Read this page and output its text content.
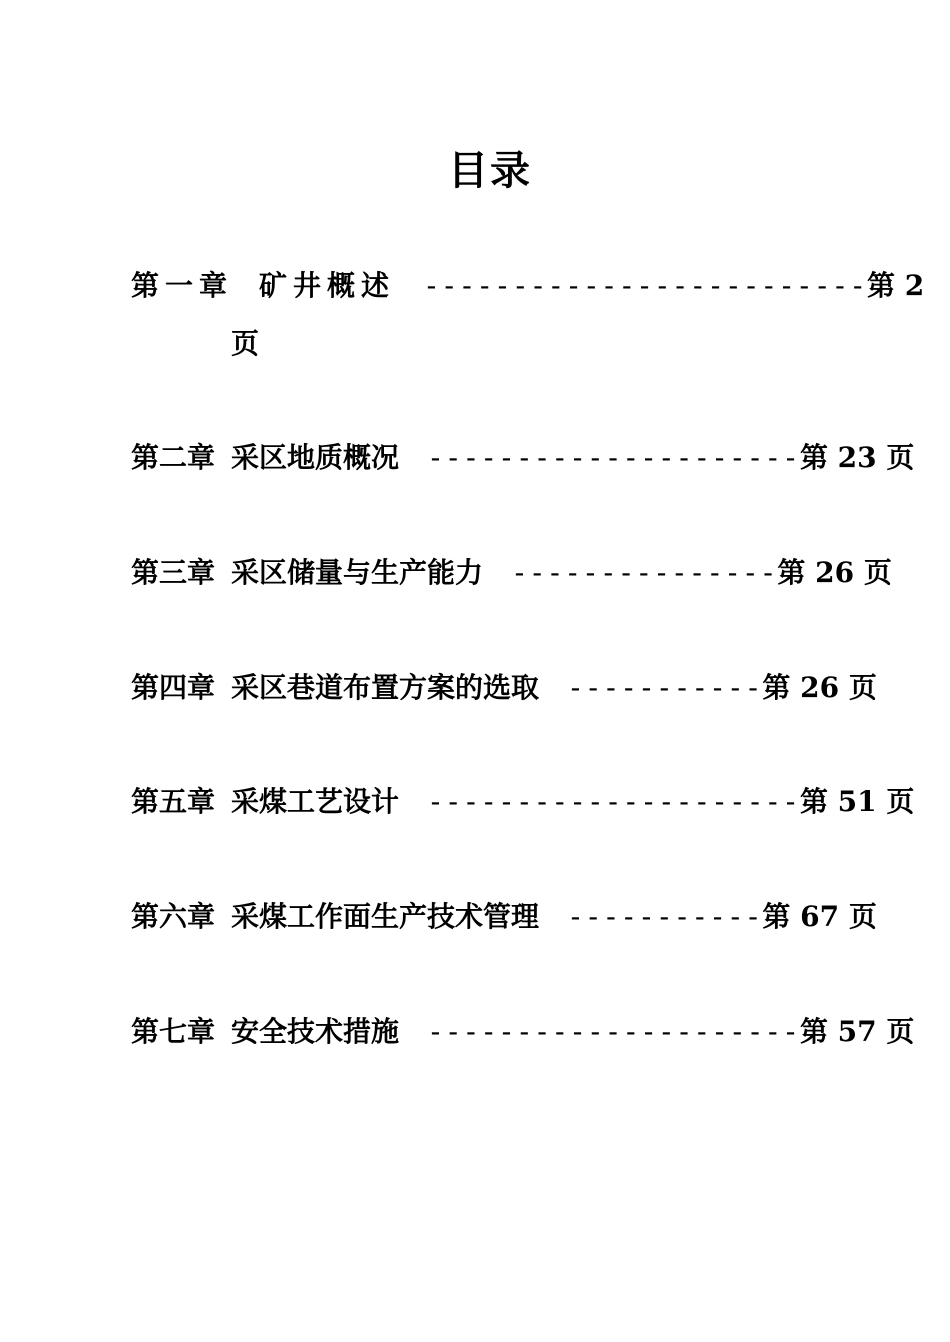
目录
第一章 矿井概述 -------------------------第 2
页
第二章 采区地质概况 ---------------------第 23 页
第三章 采区储量与生产能力 ---------------第 26 页
第四章 采区巷道布置方案的选取 -----------第 26 页
第五章 采煤工艺设计 ---------------------第 51 页
第六章 采煤工作面生产技术管理 -----------第 67 页
第七章 安全技术措施 ---------------------第 57 页
